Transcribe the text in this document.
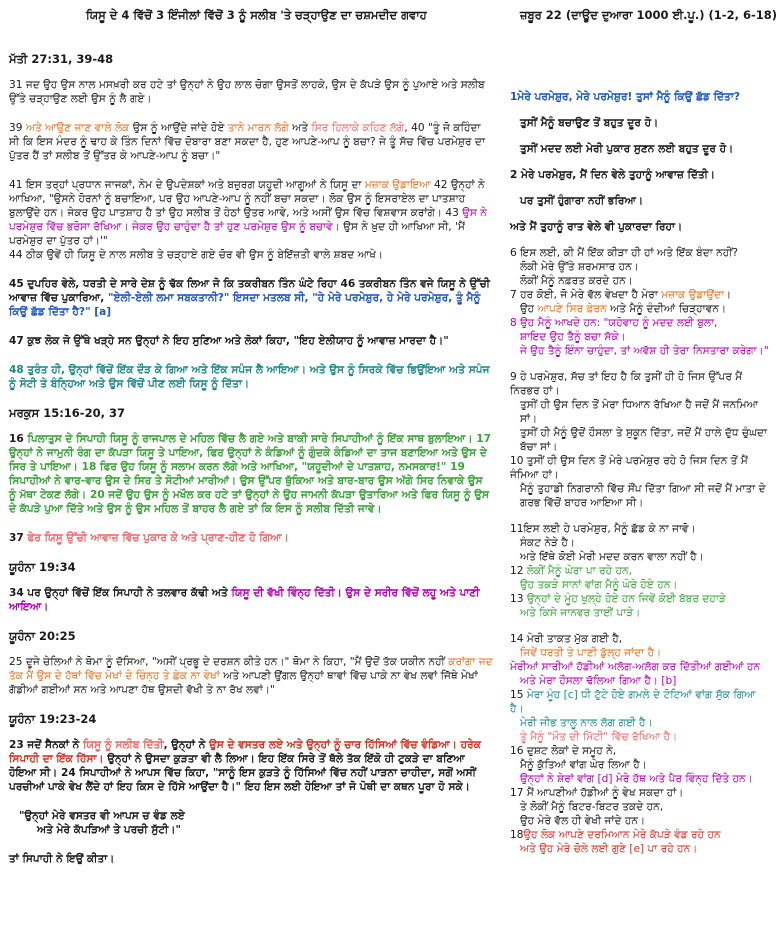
ਯਿਸੂ ਦੇ 4 ਵਿੱਚੋਂ 3 ਇੰਜੀਲਾਂ ਵਿੱਚੋਂ 3 ਨੂੰ ਸਲੀਬ 'ਤੇ ਚੜ੍ਹਾਉਣ ਦਾ ਚਸ਼ਮਦੀਦ ਗਵਾਹ	ਜ਼ਬੂਰ 22 (ਦਾਊਦ ਦੁਆਰਾ 1000 ਈ.ਪੂ.) (1-2, 6-18)
ਮੱਤੀ 27:31, 39-48
31 ਜਦ ਉਹ ਉਸ ਨਾਲ ਮਸਖ਼ਰੀ ਕਰ ਹਟੇ ਤਾਂ ਉਨ੍ਹਾਂ ਨੇ ਉਹ ਲਾਲ ਚੋਗਾ ਉਸਤੋਂ ਲਾਹਕੇ, ਉਸ ਦੇ ਕੱਪੜੇ ਉਸ ਨੂੰ ਪੁਆਏ ਅਤੇ ਸਲੀਬ ਉੱਤੇ ਚੜ੍ਹਾਉਣ ਲਈ ਉਸ ਨੂੰ ਲੈ ਗਏ।
39 ਅਤੇ ਆਉਣ ਜਾਣ ਵਾਲੇ ਲੋਕ ਉਸ ਨੂੰ ਆਉਂਦੇ ਜਾਂਦੇ ਹੋਏ ਤਾਨੇ ਮਾਰਨ ਲੱਗੇ ਅਤੇ ਸਿਰ ਹਿਲਾਕੇ ਕਹਿਣ ਲੱਗੇ, 40 "ਤੂੰ ਜੋ ਕਹਿੰਦਾ ਸੀ ਕਿ ਇਸ ਮੰਦਰ ਨੂੰ ਢਾਹ ਕੇ ਤਿੰਨ ਦਿਨਾਂ ਵਿੱਚ ਦੋਬਾਰਾ ਬਣਾ ਸਕਦਾ ਹੈ, ਹੁਣ ਆਪਣੇ-ਆਪ ਨੂੰ ਬਚਾ? ਜੇ ਤੂੰ ਸੱਚ ਵਿੱਚ ਪਰਮੇਸ਼ੁਰ ਦਾ ਪੁੱਤਰ ਹੈਂ ਤਾਂ ਸਲੀਬ ਤੋਂ ਉੱਤਰ ਕੇ ਆਪਣੇ-ਆਪ ਨੂੰ ਬਚਾ।"
41 ਇਸ ਤਰ੍ਹਾਂ ਪ੍ਰਧਾਨ ਜਾਜਕਾਂ, ਨੇਮ ਦੇ ਉਪਦੇਸ਼ਕਾਂ ਅਤੇ ਬਜ਼ੁਰਗ ਯਹੂਦੀ ਆਗੂਆਂ ਨੇ ਯਿਸੂ ਦਾ ਮਜ਼ਾਕ ਉਡਾਇਆ 42 ਉਨ੍ਹਾਂ ਨੇ ਆਖਿਆ, "ਉਸਨੇ ਹੋਰਨਾਂ ਨੂੰ ਬਚਾਇਆ, ਪਰ ਉਹ ਆਪਣੇ-ਆਪ ਨੂੰ ਨਹੀਂ ਬਚਾ ਸਕਦਾ। ਲੋਕ ਉਸ ਨੂੰ ਇਸਰਾਏਲ ਦਾ ਪਾਤਸ਼ਾਹ ਬੁਲਾਉਂਦੇ ਹਨ। ਜੇਕਰ ਉਹ ਪਾਤਸ਼ਾਹ ਹੈ ਤਾਂ ਉਹ ਸਲੀਬ ਤੋਂ ਹੇਠਾਂ ਉਤਰ ਆਵੇ, ਅਤੇ ਅਸੀਂ ਉਸ ਵਿੱਚ ਵਿਸ਼ਵਾਸ ਕਰਾਂਗੇ। 43 ਉਸ ਨੇ ਪਰਮੇਸ਼ੁਰ ਵਿੱਚ ਭਰੋਸਾ ਰੱਖਿਆ। ਜੇਕਰ ਉਹ ਚਾਹੁੰਦਾ ਹੈ ਤਾਂ ਹੁਣ ਪਰਮੇਸ਼ੁਰ ਉਸ ਨੂੰ ਬਚਾਵੇ। ਉਸ ਨੇ ਖ਼ੁਦ ਹੀ ਆਖਿਆ ਸੀ, 'ਮੈਂ ਪਰਮੇਸ਼ੁਰ ਦਾ ਪੁੱਤਰ ਹਾਂ।'"
44 ਠੀਕ ਉਵੇਂ ਹੀ ਯਿਸੂ ਦੇ ਨਾਲ ਸਲੀਬ ਤੇ ਚੜ੍ਹਾਏ ਗਏ ਚੋਰ ਵੀ ਉਸ ਨੂੰ ਬੇਇੱਜ਼ਤੀ ਵਾਲੇ ਸ਼ਬਦ ਆਖੇ।
45 ਦੁਪਹਿਰ ਵੇਲੇ, ਧਰਤੀ ਦੇ ਸਾਰੇ ਦੇਸ਼ ਨੂੰ ਢੱਕ ਲਿਆ ਜੋ ਕਿ ਤਕਰੀਬਨ ਤਿੰਨ ਘੰਟੇ ਰਿਹਾ 46 ਤਕਰੀਬਨ ਤਿੰਨ ਵਜੇ ਯਿਸੂ ਨੇ ਉੱਚੀ ਆਵਾਜ਼ ਵਿੱਚ ਪੁਕਾਰਿਆ, "ਏਲੀ-ਏਲੀ ਲਮਾ ਸਬਕਤਾਨੀ?" ਇਸਦਾ ਮਤਲਬ ਸੀ, "ਹੇ ਮੇਰੇ ਪਰਮੇਸ਼ੁਰ, ਹੇ ਮੇਰੇ ਪਰਮੇਸ਼ੁਰ, ਤੂੰ ਮੈਨੂੰ ਕਿਉਂ ਛੱਡ ਦਿੱਤਾ ਹੈ?" [a]
47 ਕੁਝ ਲੋਕ ਜੋ ਉੱਥੇ ਖੜ੍ਹੇ ਸਨ ਉਨ੍ਹਾਂ ਨੇ ਇਹ ਸੁਣਿਆ ਅਤੇ ਲੋਕਾਂ ਕਿਹਾ, "ਇਹ ਏਲੀਯਾਹ ਨੂੰ ਆਵਾਜ਼ ਮਾਰਦਾ ਹੈ।"
48 ਤੁਰੰਤ ਹੀ, ਉਨ੍ਹਾਂ ਵਿੱਚੋਂ ਇੱਕ ਦੌੜ ਕੇ ਗਿਆ ਅਤੇ ਇੱਕ ਸਪੰਜ ਲੈ ਆਇਆ। ਅਤੇ ਉਸ ਨੂੰ ਸਿਰਕੇ ਵਿੱਚ ਭਿਉਂਇਆ ਅਤੇ ਸਪੰਜ ਨੂੰ ਸੋਟੀ ਤੇ ਬੰਨ੍ਹਿਆ ਅਤੇ ਉਸ ਵਿੱਚੋਂ ਪੀਣ ਲਈ ਯਿਸੂ ਨੂੰ ਦਿੱਤਾ।
ਮਰਕੁਸ 15:16-20, 37
16 ਪਿਲਾਤੁਸ ਦੇ ਸਿਪਾਹੀ ਯਿਸੂ ਨੂੰ ਰਾਜਪਾਲ ਦੇ ਮਹਿਲ ਵਿੱਚ ਲੈ ਗਏ ਅਤੇ ਬਾਕੀ ਸਾਰੇ ਸਿਪਾਹੀਆਂ ਨੂੰ ਇੱਕ ਸਾਥ ਬੁਲਾਇਆ। 17 ਉਨ੍ਹਾਂ ਨੇ ਜਾਮੁਨੀ ਰੰਗ ਦਾ ਕੱਪੜਾ ਯਿਸੂ ਤੇ ਪਾਇਆ, ਫਿਰ ਉਨ੍ਹਾਂ ਨੇ ਕੰਡਿਆਂ ਨੂੰ ਗੁੰਦਕੇ ਕੰਡਿਆਂ ਦਾ ਤਾਜ ਬਣਾਇਆ ਅਤੇ ਉਸ ਦੇ ਸਿਰ ਤੇ ਪਾਇਆ। 18 ਫਿਰ ਉਹ ਯਿਸੂ ਨੂੰ ਸਲਾਮ ਕਰਨ ਲੱਗੇ ਅਤੇ ਆਖਿਆ, "ਯਹੂਦੀਆਂ ਦੇ ਪਾਤਸ਼ਾਹ, ਨਮਸਕਾਰ!" 19 ਸਿਪਾਹੀਆਂ ਨੇ ਵਾਰ-ਵਾਰ ਉਸ ਦੇ ਸਿਰ ਤੇ ਸੋਟੀਆਂ ਮਾਰੀਆਂ। ਉਸ ਉੱਪਰ ਥੁੱਕਿਆ ਅਤੇ ਬਾਰ-ਬਾਰ ਉਸ ਅੱਗੇ ਸਿਰ ਨਿਵਾਕੇ ਉਸ ਨੂੰ ਮੱਥਾ ਟੇਕਣ ਲੱਗੇ। 20 ਜਦੋਂ ਉਹ ਉਸ ਨੂੰ ਮਖੌਲ ਕਰ ਹਟੇ ਤਾਂ ਉਨ੍ਹਾਂ ਨੇ ਉਹ ਜਾਮਨੀ ਕੱਪੜਾ ਉਤਾਰਿਆ ਅਤੇ ਫਿਰ ਯਿਸੂ ਨੂੰ ਉਸ ਦੇ ਕੱਪੜੇ ਪੁਆ ਦਿੱਤੇ ਅਤੇ ਉਸ ਨੂੰ ਉਸ ਮਹਿਲ ਤੋਂ ਬਾਹਰ ਲੈ ਗਏ ਤਾਂ ਕਿ ਇਸ ਨੂੰ ਸਲੀਬ ਦਿੱਤੀ ਜਾਵੇ।
37 ਫੇਰ ਯਿਸੂ ਉੱਚੀ ਆਵਾਜ਼ ਵਿੱਚ ਪੁਕਾਰ ਕੇ ਅਤੇ ਪ੍ਰਾਣ-ਹੀਣ ਹੋ ਗਿਆ।
ਯੂਹੰਨਾ 19:34
34 ਪਰ ਉਨ੍ਹਾਂ ਵਿੱਚੋਂ ਇੱਕ ਸਿਪਾਹੀ ਨੇ ਤਲਵਾਰ ਕੱਢੀ ਅਤੇ ਯਿਸੂ ਦੀ ਵੱਖੀ ਵਿੰਨ੍ਹ ਦਿੱਤੀ। ਉਸ ਦੇ ਸਰੀਰ ਵਿੱਚੋਂ ਲਹੂ ਅਤੇ ਪਾਣੀ ਆਇਆ।
ਯੂਹੰਨਾ 20:25
25 ਦੂਜੇ ਚੇਲਿਆਂ ਨੇ ਥੋਮਾ ਨੂੰ ਦੱਸਿਆ, "ਅਸੀਂ ਪ੍ਰਭੂ ਦੇ ਦਰਸ਼ਨ ਕੀਤੇ ਹਨ।" ਥੋਮਾ ਨੇ ਕਿਹਾ, "ਮੈਂ ਉਦੋਂ ਤੱਕ ਯਕੀਨ ਨਹੀਂ ਕਰਾਂਗਾ ਜਦ ਤੱਕ ਮੈਂ ਉਸ ਦੇ ਹੱਥਾਂ ਵਿੱਚ ਮੇਖਾਂ ਦੇ ਚਿੰਨ੍ਹ ਤੇ ਛੇਕ ਨਾ ਵੇਖਾਂ ਅਤੇ ਆਪਣੀ ਉਂਗਲ ਉਨ੍ਹਾਂ ਥਾਵਾਂ ਵਿੱਚ ਪਾਕੇ ਨਾ ਵੇਖ ਲਵਾਂ ਜਿੱਥੇ ਮੇਖਾਂ ਗੱਡੀਆਂ ਗਈਆਂ ਸਨ ਅਤੇ ਆਪਣਾ ਹੱਥ ਉਸਦੀ ਵੱਖੀ ਤੇ ਨਾ ਰੱਖ ਲਵਾਂ।"
ਯੂਹੰਨਾ 19:23-24
23 ਜਦੋਂ ਸੈਨਕਾਂ ਨੇ ਯਿਸੂ ਨੂੰ ਸਲੀਬ ਦਿੱਤੀ, ਉਨ੍ਹਾਂ ਨੇ ਉਸ ਦੇ ਵਸਤਰ ਲਏ ਅਤੇ ਉਨ੍ਹਾਂ ਨੂੰ ਚਾਰ ਹਿੱਸਿਆਂ ਵਿੱਚ ਵੰਡਿਆ। ਹਰੇਕ ਸਿਪਾਹੀ ਦਾ ਇੱਕ ਹਿੱਸਾ। ਉਨ੍ਹਾਂ ਨੇ ਉਸਦਾ ਕੁੜਤਾ ਵੀ ਲੈ ਲਿਆ। ਇਹ ਇੱਕ ਸਿਰੇ ਤੋਂ ਥੱਲੇ ਤੱਕ ਇੱਕੋ ਹੀ ਟੁਕੜੇ ਦਾ ਬਣਿਆ ਹੋਇਆ ਸੀ। 24 ਸਿਪਾਹੀਆਂ ਨੇ ਆਪਸ ਵਿੱਚ ਕਿਹਾ, "ਸਾਨੂੰ ਇਸ ਕੁੜਤੇ ਨੂੰ ਹਿੱਸਿਆਂ ਵਿੱਚ ਨਹੀਂ ਪਾੜਨਾ ਚਾਹੀਦਾ, ਸਗੋਂ ਅਸੀਂ ਪਰਚੀਆਂ ਪਾਕੇ ਵੇਖ ਲੈਂਦੇ ਹਾਂ ਇਹ ਕਿਸ ਦੇ ਹਿੱਸੇ ਆਉਂਦਾ ਹੈ।" ਇਹ ਇਸ ਲਈ ਹੋਇਆ ਤਾਂ ਜੋ ਪੋਥੀ ਦਾ ਕਥਨ ਪੂਰਾ ਹੋ ਸਕੇ।
"ਉਨ੍ਹਾਂ ਮੇਰੇ ਵਸਤਰ ਵੀ ਆਪਸ ਚ ਵੰਡ ਲਏ
ਅਤੇ ਮੇਰੇ ਕੱਪੜਿਆਂ ਤੇ ਪਰਚੀ ਸੁੱਟੀ।"
ਤਾਂ ਸਿਪਾਹੀ ਨੇ ਇਉਂ ਕੀਤਾ।
1ਮੇਰੇ ਪਰਮੇਸ਼ੁਰ, ਮੇਰੇ ਪਰਮੇਸ਼ੁਰ! ਤੁਸਾਂ ਮੈਨੂੰ ਕਿਉਂ ਛੱਡ ਦਿੱਤਾ?
ਤੁਸੀਂ ਮੈਨੂੰ ਬਚਾਉਣ ਤੋਂ ਬਹੁਤ ਦੂਰ ਹੋ।
ਤੁਸੀਂ ਮਦਦ ਲਈ ਮੇਰੀ ਪੁਕਾਰ ਸੁਣਨ ਲਈ ਬਹੁਤ ਦੂਰ ਹੋ।
2 ਮੇਰੇ ਪਰਮੇਸ਼ੁਰ, ਮੈਂ ਦਿਨ ਵੇਲੇ ਤੁਹਾਨੂੰ ਆਵਾਜ਼ ਦਿੱਤੀ।
ਪਰ ਤੁਸੀਂ ਹੁੰਗਾਰਾ ਨਹੀਂ ਭਰਿਆ।
ਅਤੇ ਮੈਂ ਤੁਹਾਨੂੰ ਰਾਤ ਵੇਲੇ ਵੀ ਪੁਕਾਰਦਾ ਰਿਹਾ।
6 ਇਸ ਲਈ, ਕੀ ਮੈਂ ਇੱਕ ਕੀੜਾ ਹੀ ਹਾਂ ਅਤੇ ਇੱਕ ਬੰਦਾ ਨਹੀਂ?
ਲੋਕੀ ਮੇਰੇ ਉੱਤੇ ਸ਼ਰਮਸਾਰ ਹਨ।
ਲੋਕੀਂ ਮੈਨੂੰ ਨਫ਼ਰਤ ਕਰਦੇ ਹਨ।
7 ਹਰ ਕੋਈ, ਜੋ ਮੇਰੇ ਵੱਲ ਵੇਖਦਾ ਹੈ ਮੇਰਾ ਮਜ਼ਾਕ ਉਡਾਉਂਦਾ।
ਉਹ ਆਪਣੇ ਸਿਰ ਫ਼ੇਰਨ ਅਤੇ ਮੈਨੂੰ ਦੰਦੀਆਂ ਚਿੜ੍ਹਾਵਨ।
8 ਉਹ ਮੈਨੂੰ ਆਖਦੇ ਹਨ: "ਯਹੋਵਾਹ ਨੂੰ ਮਦਦ ਲਈ ਬੁਲਾ,
ਸ਼ਾਇਦ ਉਹ ਤੈਨੂੰ ਬਚਾ ਸੱਕੇ।
ਜੇ ਉਹ ਤੈਨੂੰ ਇੰਨਾ ਚਾਹੁੰਦਾ, ਤਾਂ ਅਵੱਸ਼ ਹੀ ਤੇਰਾ ਨਿਸਤਾਰਾ ਕਰੇਗਾ।"
9 ਹੇ ਪਰਮੇਸ਼ੁਰ, ਸੱਚ ਤਾਂ ਇਹ ਹੈ ਕਿ ਤੁਸੀਂ ਹੀ ਹੋ ਜਿਸ ਉੱਪਰ ਮੈਂ ਨਿਰਭਰ ਹਾਂ।
ਤੁਸੀਂ ਹੀ ਉਸ ਦਿਨ ਤੋਂ ਮੇਰਾ ਧਿਆਨ ਰੱਖਿਆ ਹੈ ਜਦੋਂ ਮੈਂ ਜਨਮਿਆ ਸਾਂ।
ਤੁਸੀਂ ਹੀ ਮੈਨੂੰ ਉਦੋਂ ਹੌਸਲਾ ਤੇ ਸੁਕੂਨ ਦਿੱਤਾ, ਜਦੋਂ ਮੈਂ ਹਾਲੇ ਦੁੱਧ ਚੁੰਘਦਾ ਬੱਚਾ ਸਾਂ।
10 ਤੁਸੀਂ ਹੀ ਉਸ ਦਿਨ ਤੋਂ ਮੇਰੇ ਪਰਮੇਸ਼ੁਰ ਰਹੇ ਹੋ ਜਿਸ ਦਿਨ ਤੋਂ ਮੈਂ ਜੰਮਿਆ ਹਾਂ।
ਮੈਨੂੰ ਤੁਹਾਡੀ ਨਿਗਰਾਨੀ ਵਿੱਚ ਸੌਂਪ ਦਿੱਤਾ ਗਿਆ ਸੀ ਜਦੋਂ ਮੈਂ ਮਾਤਾ ਦੇ ਗਰਭ ਵਿੱਚੋਂ ਬਾਹਰ ਆਇਆ ਸੀ।
11ਇਸ ਲਈ ਹੇ ਪਰਮੇਸ਼ੁਰ, ਮੈਨੂੰ ਛੱਡ ਕੇ ਨਾ ਜਾਵੋ।
ਸੰਕਟ ਨੇੜੇ ਹੈ।
ਅਤੇ ਇੱਥੇ ਕੋਈ ਮੇਰੀ ਮਦਦ ਕਰਨ ਵਾਲਾ ਨਹੀਂ ਹੈ।
12 ਲੋਕੀਂ ਮੈਨੂੰ ਘੇਰਾ ਪਾ ਰਹੇ ਹਨ,
ਉਹ ਤਕੜੇ ਸਾਨਾਂ ਵਾਂਗ ਮੈਨੂੰ ਘੇਰੇ ਹੋਏ ਹਨ।
13 ਉਨ੍ਹਾਂ ਦੇ ਮੂੰਹ ਖੁਲ੍ਹੇ ਹੋਏ ਹਨ ਜਿਵੇਂ ਕੋਈ ਬੱਬਰ ਦਹਾੜੇ
ਅਤੇ ਕਿਸੇ ਜਾਨਵਰ ਤਾਈਂ ਪਾੜੇ।
14 ਮੇਰੀ ਤਾਕਤ ਮੁੱਕ ਗਈ ਹੈ,
ਜਿਵੇਂ ਧਰਤੀ ਤੇ ਪਾਣੀ ਡੁੱਲ੍ਹ ਜਾਂਦਾ ਹੈ।
ਮੇਰੀਆਂ ਸਾਰੀਆਂ ਹੱਡੀਆਂ ਅਲੱਗ-ਅਲੱਗ ਕਰ ਦਿੱਤੀਆਂ ਗਈਆਂ ਹਨ
ਅਤੇ ਮੇਰਾ ਹੌਸਲਾ ਢੱਲਿਆ ਗਿਆ ਹੈ। [b]
15 ਮੇਰਾ ਮੂੰਹ [c] ਧੀ ਟੁੱਟੇ ਹੋਏ ਗਮਲੇ ਦੇ ਟੋਟਿਆਂ ਵਾਂਗ ਸੁੱਕ ਗਿਆ ਹੈ।
ਮੇਰੀ ਜੀਭ ਤਾਲੂ ਨਾਲ ਲੱਗ ਗਈ ਹੈ।
ਤੂੰ ਮੈਨੂੰ "ਮੌਤ ਦੀ ਮਿੱਟੀ" ਵਿੱਚ ਰੱਖਿਆ ਹੈ।
16 ਦੁਸ਼ਟ ਲੋਕਾਂ ਦੇ ਸਮੂਹ ਨੇ,
ਮੈਨੂੰ ਕੁੱਤਿਆਂ ਵਾਂਗ ਘੇਰ ਲਿਆ ਹੈ।
ਉਨ੍ਹਾਂ ਨੇ ਸ਼ੇਰਾਂ ਵਾਂਗ [d] ਮੇਰੇ ਹੱਥ ਅਤੇ ਪੈਰ ਵਿੰਨ੍ਹ ਦਿੱਤੇ ਹਨ।
17 ਮੈਂ ਆਪਣੀਆਂ ਹੱਡੀਆਂ ਨੂੰ ਵੇਖ ਸਕਦਾ ਹਾਂ।
ਤੇ ਲੋਕੀਂ ਮੈਨੂੰ ਬਿਟਰ-ਬਿਟਰ ਤਕਦੇ ਹਨ,
ਉਹ ਮੇਰੇ ਵੱਲ ਹੀ ਵੇਖੀ ਜਾਂਦੇ ਹਨ।
18ਉਹ ਲੋਕ ਆਪਣੇ ਦਰਮਿਆਨ ਮੇਰੇ ਕੱਪੜੇ ਵੰਡ ਰਹੇ ਹਨ
ਅਤੇ ਉਹ ਮੇਰੇ ਚੋਲੇ ਲਈ ਗੁਣੇ [e] ਪਾ ਰਹੇ ਹਨ।
